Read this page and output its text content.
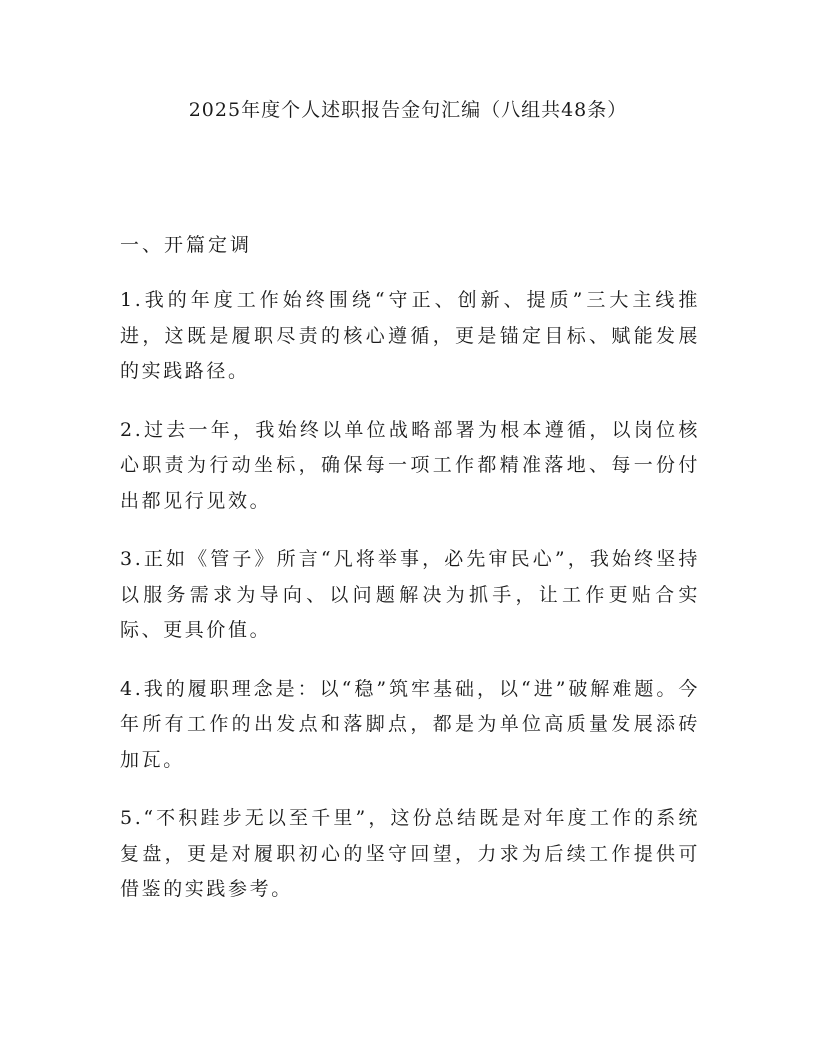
2025年度个人述职报告金句汇编（八组共48条）
一、开篇定调
1.我的年度工作始终围绕“守正、创新、提质”三大主线推进，这既是履职尽责的核心遵循，更是锚定目标、赋能发展的实践路径。
2.过去一年，我始终以单位战略部署为根本遵循，以岗位核心职责为行动坐标，确保每一项工作都精准落地、每一份付出都见行见效。
3.正如《管子》所言“凡将举事，必先审民心”，我始终坚持以服务需求为导向、以问题解决为抓手，让工作更贴合实际、更具价值。
4.我的履职理念是：以“稳”筑牢基础，以“进”破解难题。今年所有工作的出发点和落脚点，都是为单位高质量发展添砖加瓦。
5.“不积跬步无以至千里”，这份总结既是对年度工作的系统复盘，更是对履职初心的坚守回望，力求为后续工作提供可借鉴的实践参考。
